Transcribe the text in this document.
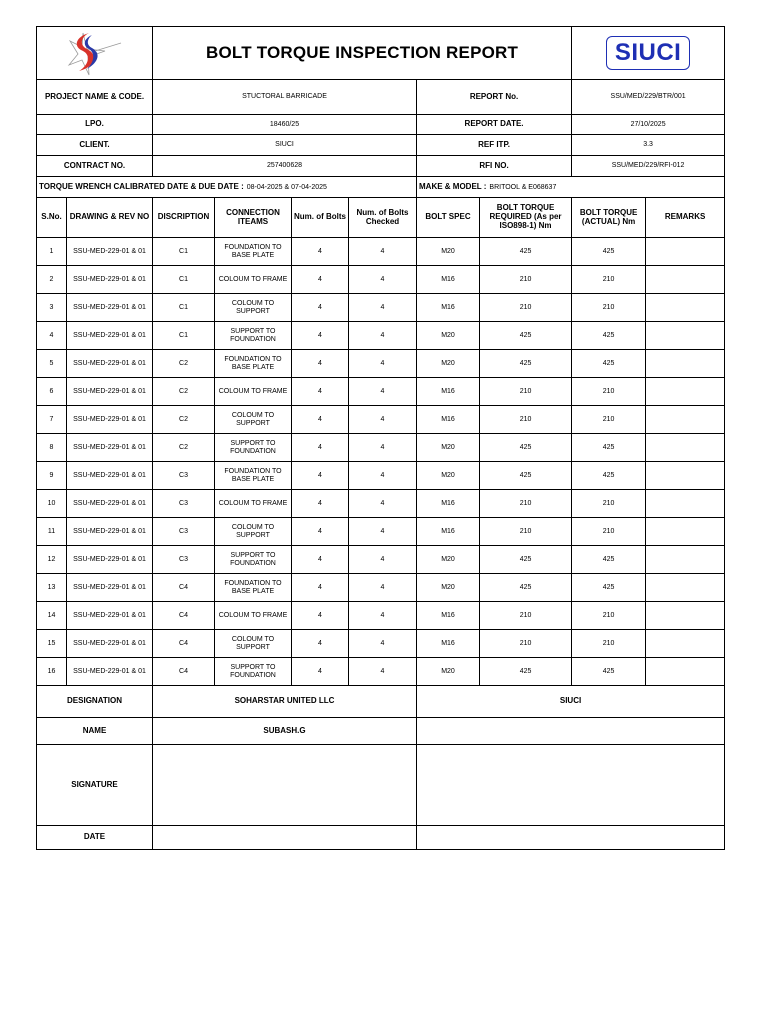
	BOLT TORQUE INSPECTION REPORT						SIUCI	
PROJECT NAME & CODE.		STUCTORAL BARRICADE				REPORT No.		SSU/MED/229/BTR/001	
LPO.		18460/25				REPORT DATE.		27/10/2025	
CLIENT.		SIUCI				REF ITP.		3.3	
CONTRACT NO.		257400628				RFI NO.		SSU/MED/229/RFI-012	
TORQUE WRENCH CALIBRATED DATE & DUE DATE : 08-04-2025 & 07-04-2025						MAKE & MODEL : BRITOOL & E068637			
S.No.	DRAWING & REV NO	DISCRIPTION	CONNECTION ITEAMS	Num. of Bolts	Num. of Bolts Checked	BOLT SPEC	BOLT TORQUE REQUIRED (As per ISO898-1) Nm	BOLT TORQUE (ACTUAL) Nm	REMARKS
1	SSU-MED-229-01 & 01	C1	FOUNDATION TO BASE PLATE	4	4	M20	425	425	
2	SSU-MED-229-01 & 01	C1	COLOUM TO FRAME	4	4	M16	210	210	
3	SSU-MED-229-01 & 01	C1	COLOUM TO SUPPORT	4	4	M16	210	210	
4	SSU-MED-229-01 & 01	C1	SUPPORT TO FOUNDATION	4	4	M20	425	425	
5	SSU-MED-229-01 & 01	C2	FOUNDATION TO BASE PLATE	4	4	M20	425	425	
6	SSU-MED-229-01 & 01	C2	COLOUM TO FRAME	4	4	M16	210	210	
7	SSU-MED-229-01 & 01	C2	COLOUM TO SUPPORT	4	4	M16	210	210	
8	SSU-MED-229-01 & 01	C2	SUPPORT TO FOUNDATION	4	4	M20	425	425	
9	SSU-MED-229-01 & 01	C3	FOUNDATION TO BASE PLATE	4	4	M20	425	425	
10	SSU-MED-229-01 & 01	C3	COLOUM TO FRAME	4	4	M16	210	210	
11	SSU-MED-229-01 & 01	C3	COLOUM TO SUPPORT	4	4	M16	210	210	
12	SSU-MED-229-01 & 01	C3	SUPPORT TO FOUNDATION	4	4	M20	425	425	
13	SSU-MED-229-01 & 01	C4	FOUNDATION TO BASE PLATE	4	4	M20	425	425	
14	SSU-MED-229-01 & 01	C4	COLOUM TO FRAME	4	4	M16	210	210	
15	SSU-MED-229-01 & 01	C4	COLOUM TO SUPPORT	4	4	M16	210	210	
16	SSU-MED-229-01 & 01	C4	SUPPORT TO FOUNDATION	4	4	M20	425	425	
DESIGNATION		SOHARSTAR UNITED LLC				SIUCI			
NAME		SUBASH.G							
SIGNATURE									
DATE									
